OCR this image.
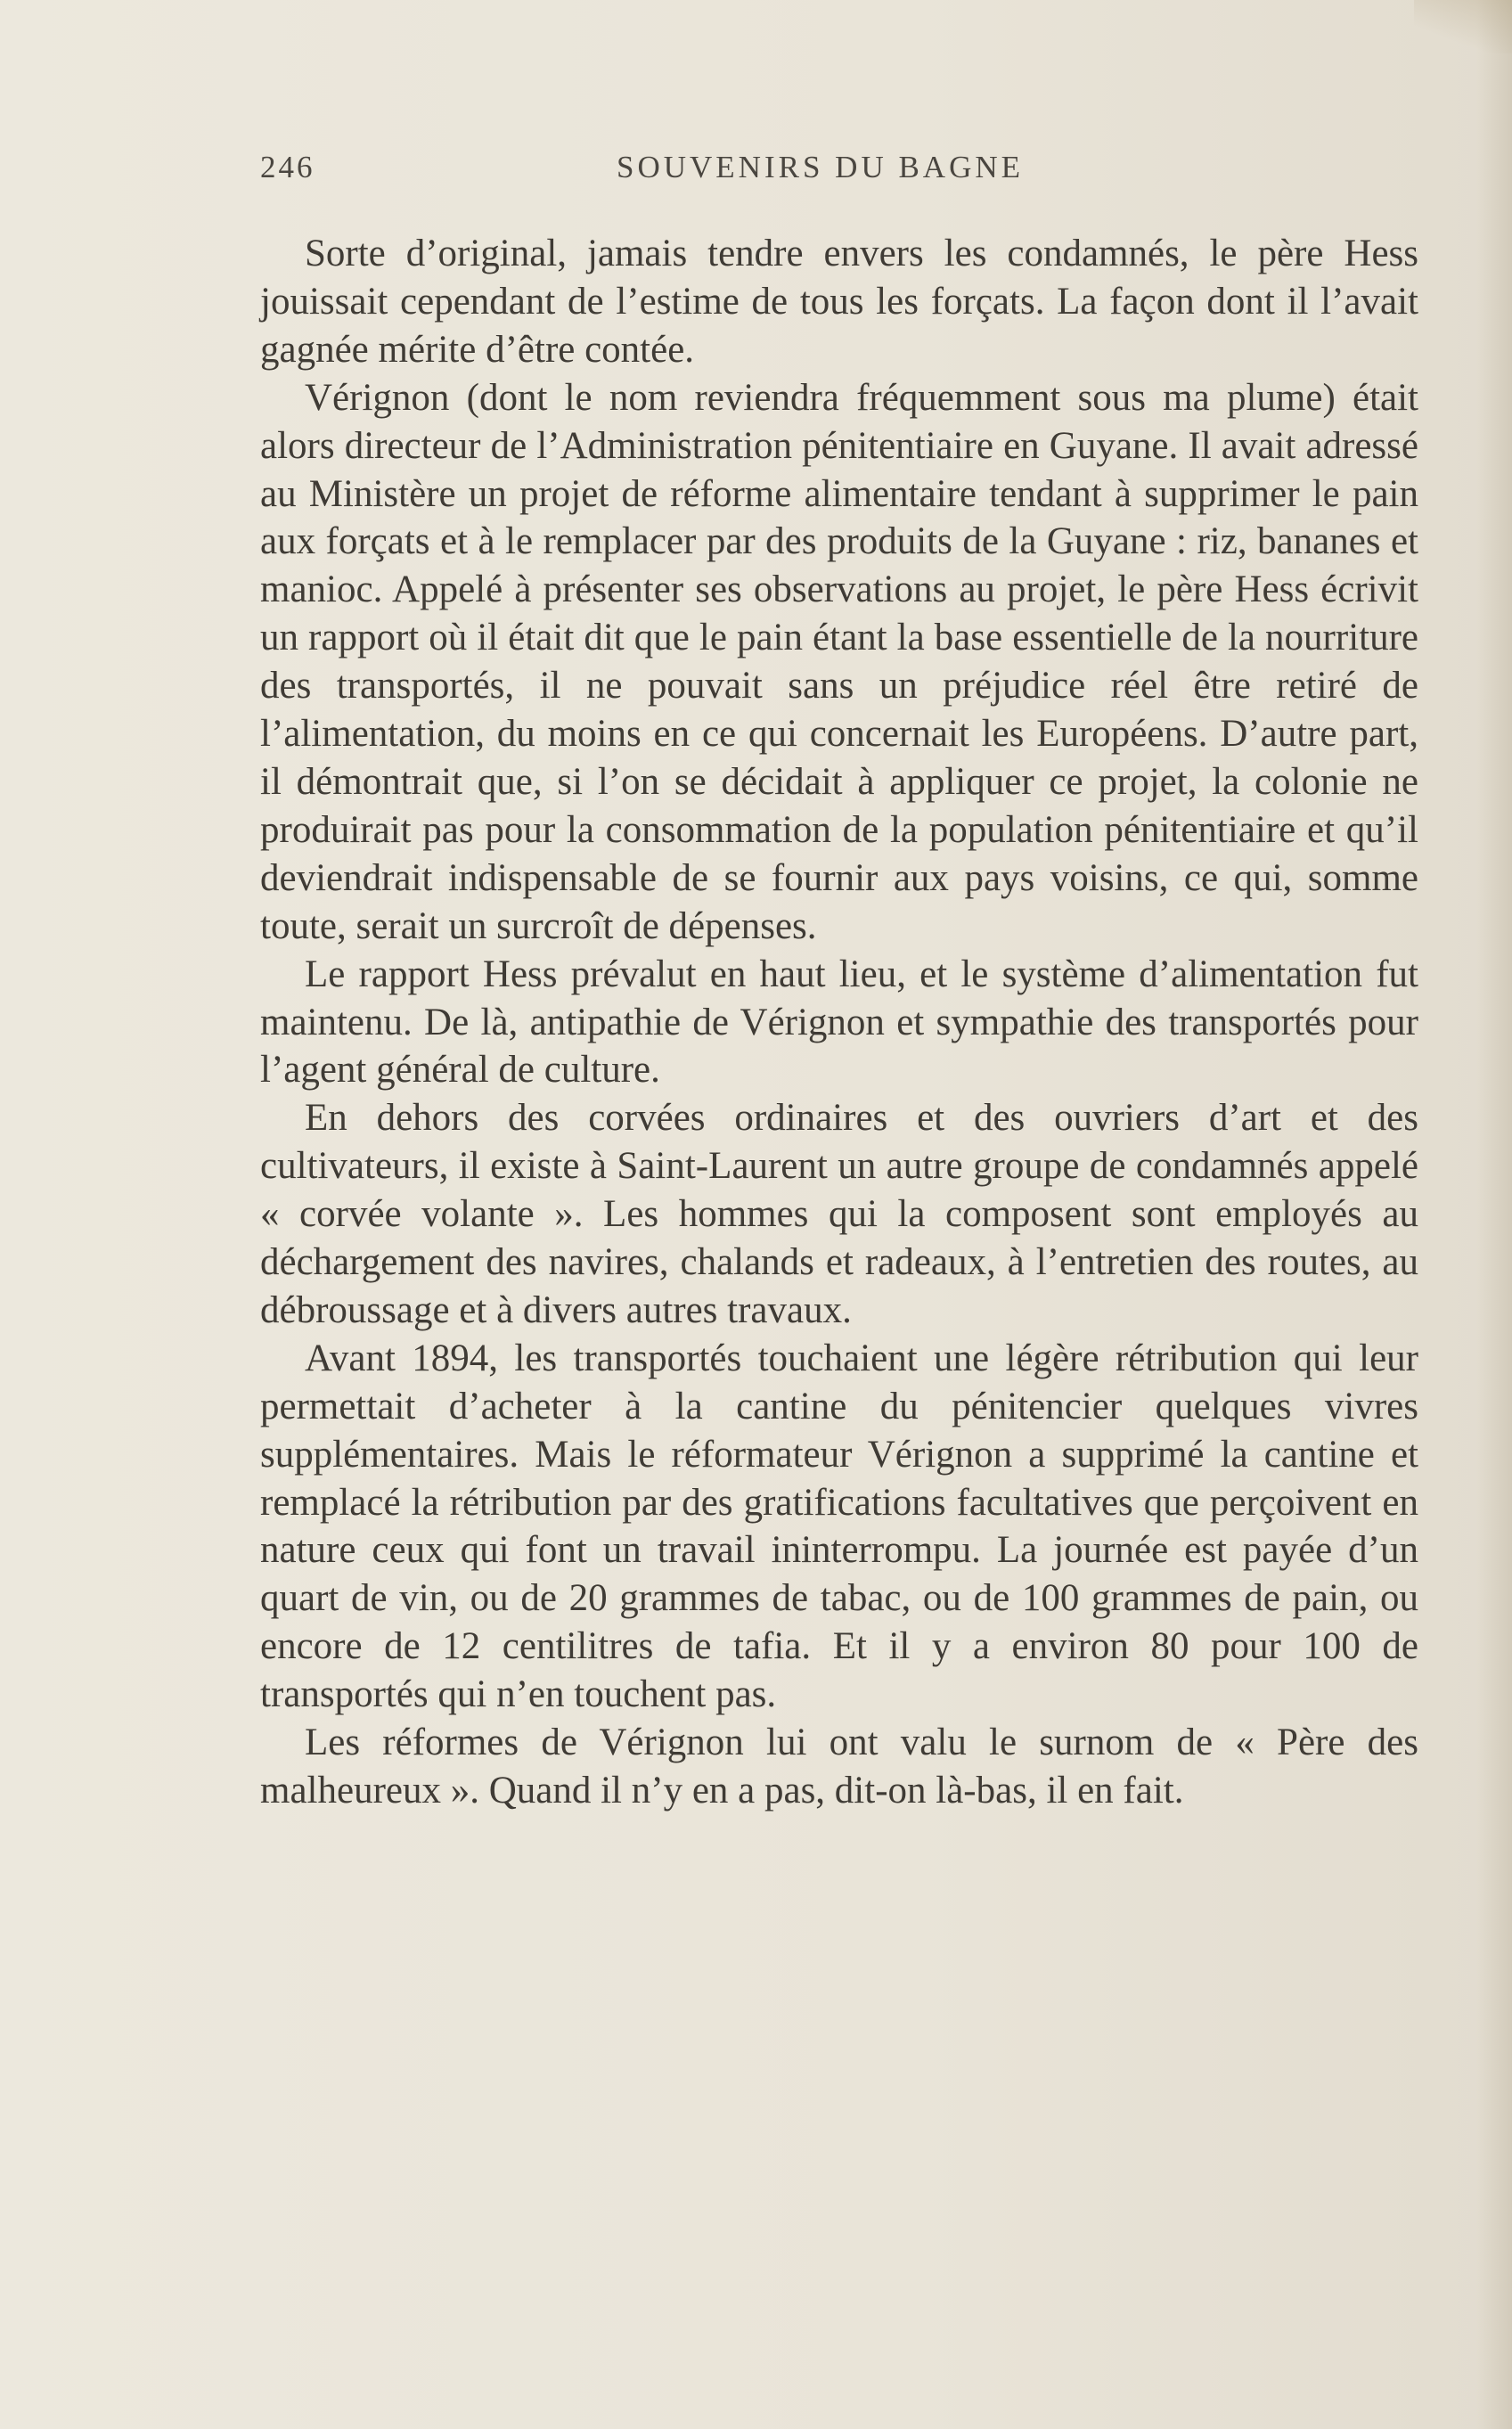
246	SOUVENIRS DU BAGNE

Sorte d’original, jamais tendre envers les condamnés, le père Hess jouissait cependant de l’estime de tous les forçats. La façon dont il l’avait gagnée mérite d’être contée.

Vérignon (dont le nom reviendra fréquemment sous ma plume) était alors directeur de l’Administration pénitentiaire en Guyane. Il avait adressé au Ministère un projet de réforme alimentaire tendant à supprimer le pain aux forçats et à le remplacer par des produits de la Guyane : riz, bananes et manioc. Appelé à présenter ses observations au projet, le père Hess écrivit un rapport où il était dit que le pain étant la base essentielle de la nourriture des transportés, il ne pouvait sans un préjudice réel être retiré de l’alimentation, du moins en ce qui concernait les Européens. D’autre part, il démontrait que, si l’on se décidait à appliquer ce projet, la colonie ne produirait pas pour la consommation de la population pénitentiaire et qu’il deviendrait indispensable de se fournir aux pays voisins, ce qui, somme toute, serait un surcroît de dépenses.

Le rapport Hess prévalut en haut lieu, et le système d’alimentation fut maintenu. De là, antipathie de Vérignon et sympathie des transportés pour l’agent général de culture.

En dehors des corvées ordinaires et des ouvriers d’art et des cultivateurs, il existe à Saint-Laurent un autre groupe de condamnés appelé « corvée volante ». Les hommes qui la composent sont employés au déchargement des navires, chalands et radeaux, à l’entretien des routes, au débroussage et à divers autres travaux.

Avant 1894, les transportés touchaient une légère rétribution qui leur permettait d’acheter à la cantine du pénitencier quelques vivres supplémentaires. Mais le réformateur Vérignon a supprimé la cantine et remplacé la rétribution par des gratifications facultatives que perçoivent en nature ceux qui font un travail ininterrompu. La journée est payée d’un quart de vin, ou de 20 grammes de tabac, ou de 100 grammes de pain, ou encore de 12 centilitres de tafia. Et il y a environ 80 pour 100 de transportés qui n’en touchent pas.

Les réformes de Vérignon lui ont valu le surnom de « Père des malheureux ». Quand il n’y en a pas, dit-on là-bas, il en fait.
